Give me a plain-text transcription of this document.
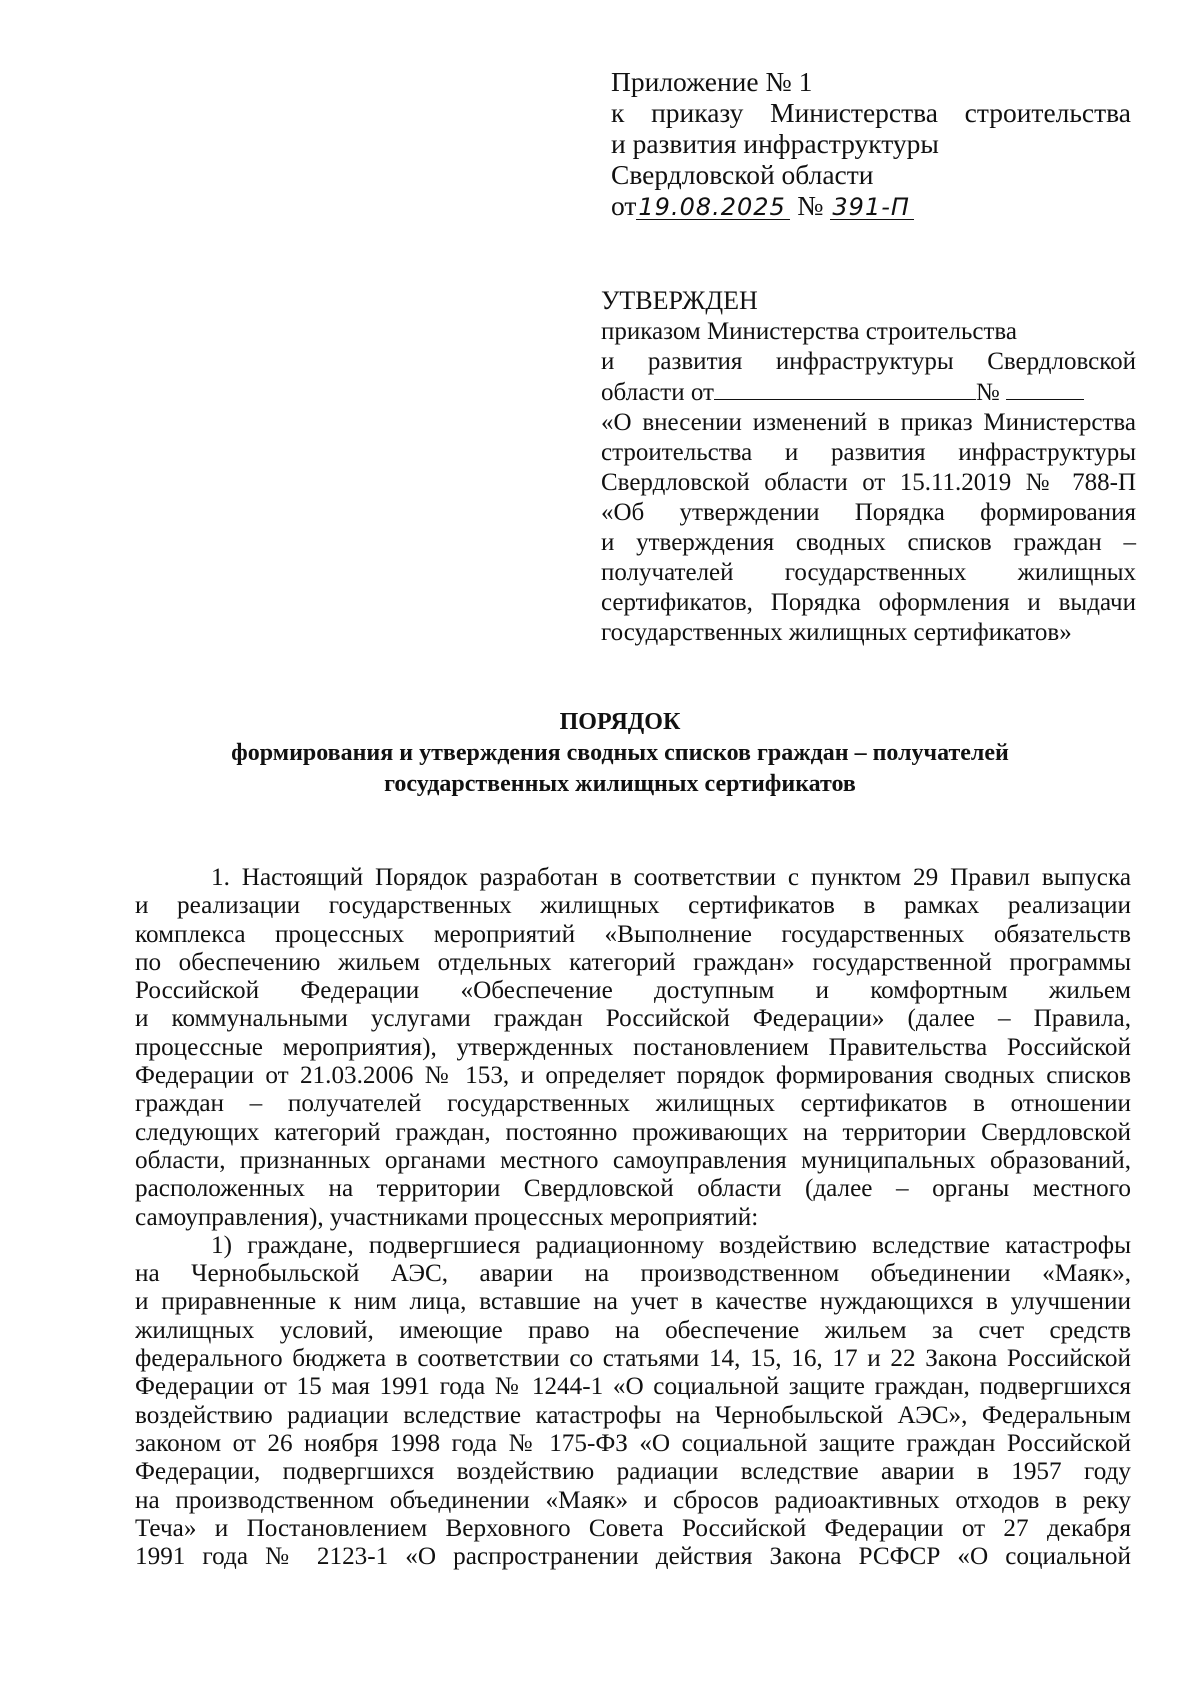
Приложение № 1
к приказу Министерства строительства
и развития инфраструктуры
Свердловской области
от19.08.2025 № 391-П
УТВЕРЖДЕН
приказом Министерства строительства
и развития инфраструктуры Свердловской
области от	№
«О внесении изменений в приказ Министерства
строительства и развития инфраструктуры
Свердловской области от 15.11.2019 № 788-П
«Об утверждении Порядка формирования
и утверждения сводных списков граждан –
получателей государственных жилищных
сертификатов, Порядка оформления и выдачи
государственных жилищных сертификатов»
ПОРЯДОК
формирования и утверждения сводных списков граждан – получателей
государственных жилищных сертификатов
1. Настоящий Порядок разработан в соответствии с пунктом 29 Правил выпуска
и реализации государственных жилищных сертификатов в рамках реализации
комплекса процессных мероприятий «Выполнение государственных обязательств
по обеспечению жильем отдельных категорий граждан» государственной программы
Российской Федерации «Обеспечение доступным и комфортным жильем
и коммунальными услугами граждан Российской Федерации» (далее – Правила,
процессные мероприятия), утвержденных постановлением Правительства Российской
Федерации от 21.03.2006 № 153, и определяет порядок формирования сводных списков
граждан – получателей государственных жилищных сертификатов в отношении
следующих категорий граждан, постоянно проживающих на территории Свердловской
области, признанных органами местного самоуправления муниципальных образований,
расположенных на территории Свердловской области (далее – органы местного
самоуправления), участниками процессных мероприятий:
1) граждане, подвергшиеся радиационному воздействию вследствие катастрофы
на Чернобыльской АЭС, аварии на производственном объединении «Маяк»,
и приравненные к ним лица, вставшие на учет в качестве нуждающихся в улучшении
жилищных условий, имеющие право на обеспечение жильем за счет средств
федерального бюджета в соответствии со статьями 14, 15, 16, 17 и 22 Закона Российской
Федерации от 15 мая 1991 года № 1244-1 «О социальной защите граждан, подвергшихся
воздействию радиации вследствие катастрофы на Чернобыльской АЭС», Федеральным
законом от 26 ноября 1998 года № 175-ФЗ «О социальной защите граждан Российской
Федерации, подвергшихся воздействию радиации вследствие аварии в 1957 году
на производственном объединении «Маяк» и сбросов радиоактивных отходов в реку
Теча» и Постановлением Верховного Совета Российской Федерации от 27 декабря
1991 года № 2123-1 «О распространении действия Закона РСФСР «О социальной
